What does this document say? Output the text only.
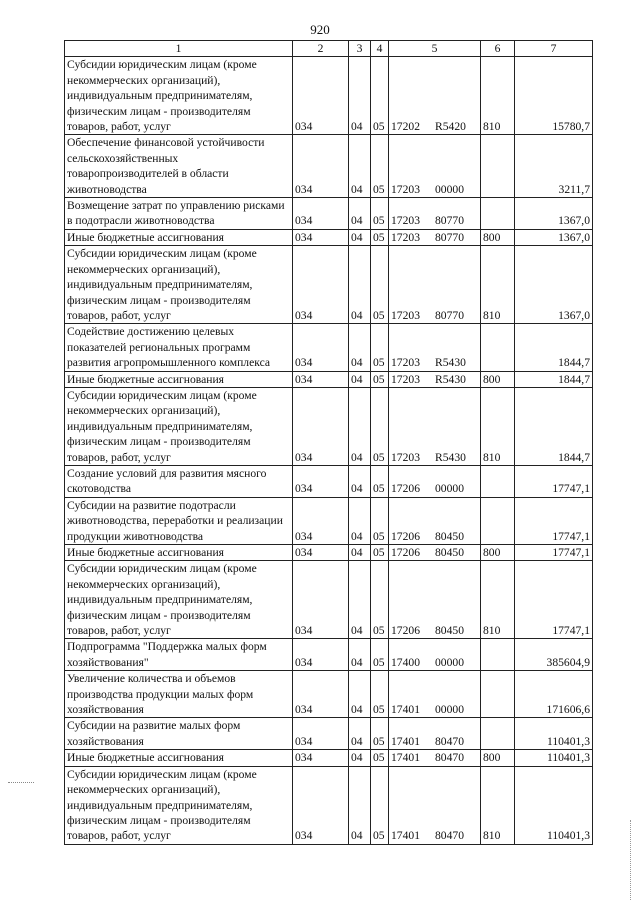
920
1	2	3	4	5	6	7
Субсидии юридическим лицам (кроме некоммерческих организаций), индивидуальным предпринимателям, физическим лицам - производителям товаров, работ, услуг	034	04	05	17202 R5420	810	15780,7
Обеспечение финансовой устойчивости сельскохозяйственных товаропроизводителей в области животноводства	034	04	05	17203 00000		3211,7
Возмещение затрат по управлению рисками в подотрасли животноводства	034	04	05	17203 80770		1367,0
Иные бюджетные ассигнования	034	04	05	17203 80770	800	1367,0
Субсидии юридическим лицам (кроме некоммерческих организаций), индивидуальным предпринимателям, физическим лицам - производителям товаров, работ, услуг	034	04	05	17203 80770	810	1367,0
Содействие достижению целевых показателей региональных программ развития агропромышленного комплекса	034	04	05	17203 R5430		1844,7
Иные бюджетные ассигнования	034	04	05	17203 R5430	800	1844,7
Субсидии юридическим лицам (кроме некоммерческих организаций), индивидуальным предпринимателям, физическим лицам - производителям товаров, работ, услуг	034	04	05	17203 R5430	810	1844,7
Создание условий для развития мясного скотоводства	034	04	05	17206 00000		17747,1
Субсидии на развитие подотрасли животноводства, переработки и реализации продукции животноводства	034	04	05	17206 80450		17747,1
Иные бюджетные ассигнования	034	04	05	17206 80450	800	17747,1
Субсидии юридическим лицам (кроме некоммерческих организаций), индивидуальным предпринимателям, физическим лицам - производителям товаров, работ, услуг	034	04	05	17206 80450	810	17747,1
Подпрограмма "Поддержка малых форм хозяйствования"	034	04	05	17400 00000		385604,9
Увеличение количества и объемов производства продукции малых форм хозяйствования	034	04	05	17401 00000		171606,6
Субсидии на развитие малых форм хозяйствования	034	04	05	17401 80470		110401,3
Иные бюджетные ассигнования	034	04	05	17401 80470	800	110401,3
Субсидии юридическим лицам (кроме некоммерческих организаций), индивидуальным предпринимателям, физическим лицам - производителям товаров, работ, услуг	034	04	05	17401 80470	810	110401,3
